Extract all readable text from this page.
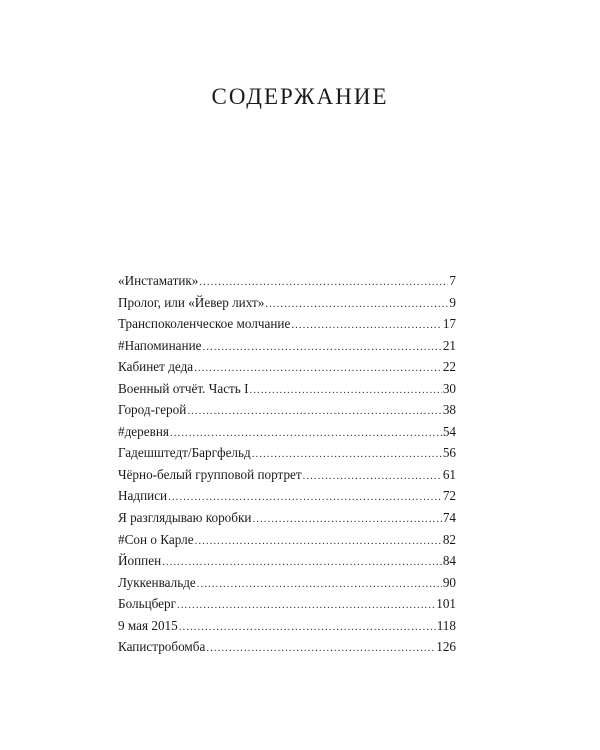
СОДЕРЖАНИЕ
«Инстаматик» .....	7
Пролог, или «Йевер лихт» .....	9
Транспоколенческое молчание .....	17
#Напоминание .....	21
Кабинет деда .....	22
Военный отчёт. Часть I .....	30
Город-герой .....	38
#деревня .....	54
Гадешштедт/Баргфельд .....	56
Чёрно-белый групповой портрет .....	61
Надписи .....	72
Я разглядываю коробки .....	74
#Сон о Карле .....	82
Йоппен .....	84
Луккенвальде .....	90
Больцберг .....	101
9 мая 2015 .....	118
Капистробомба .....	126
